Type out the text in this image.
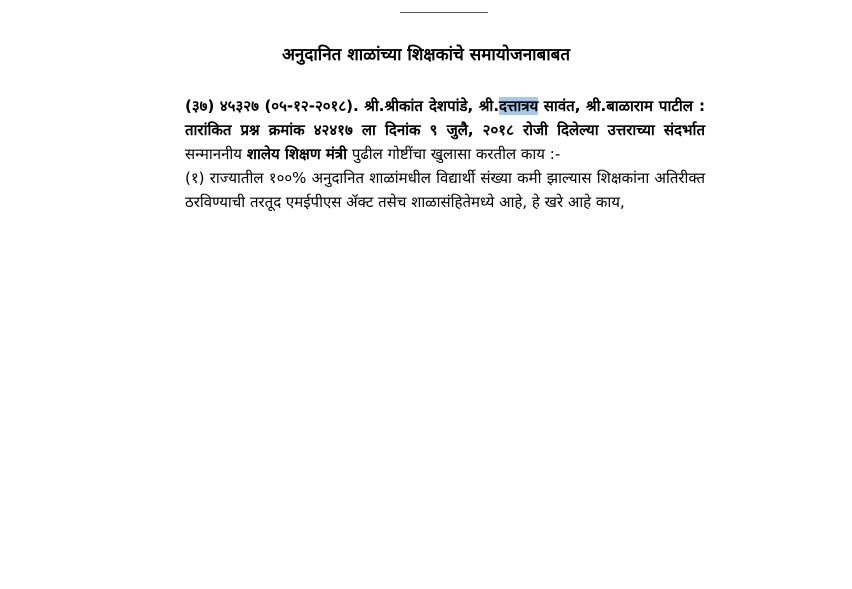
अनुदानित शाळांच्या शिक्षकांचे समायोजनाबाबत

(३७) ४५३२७ (०५-१२-२०१८). श्री.श्रीकांत देशपांडे, श्री.दत्तात्रय सावंत, श्री.बाळाराम पाटील : तारांकित प्रश्न क्रमांक ४२४१७ ला दिनांक ९ जुलै, २०१८ रोजी दिलेल्या उत्तराच्या संदर्भात सन्माननीय शालेय शिक्षण मंत्री पुढील गोष्टींचा खुलासा करतील काय :-

(१) राज्यातील १००% अनुदानित शाळांमधील विद्यार्थी संख्या कमी झाल्यास शिक्षकांना अतिरीक्त ठरविण्याची तरतूद एमईपीएस ॲक्ट तसेच शाळासंहितेमध्ये आहे, हे खरे आहे काय,
